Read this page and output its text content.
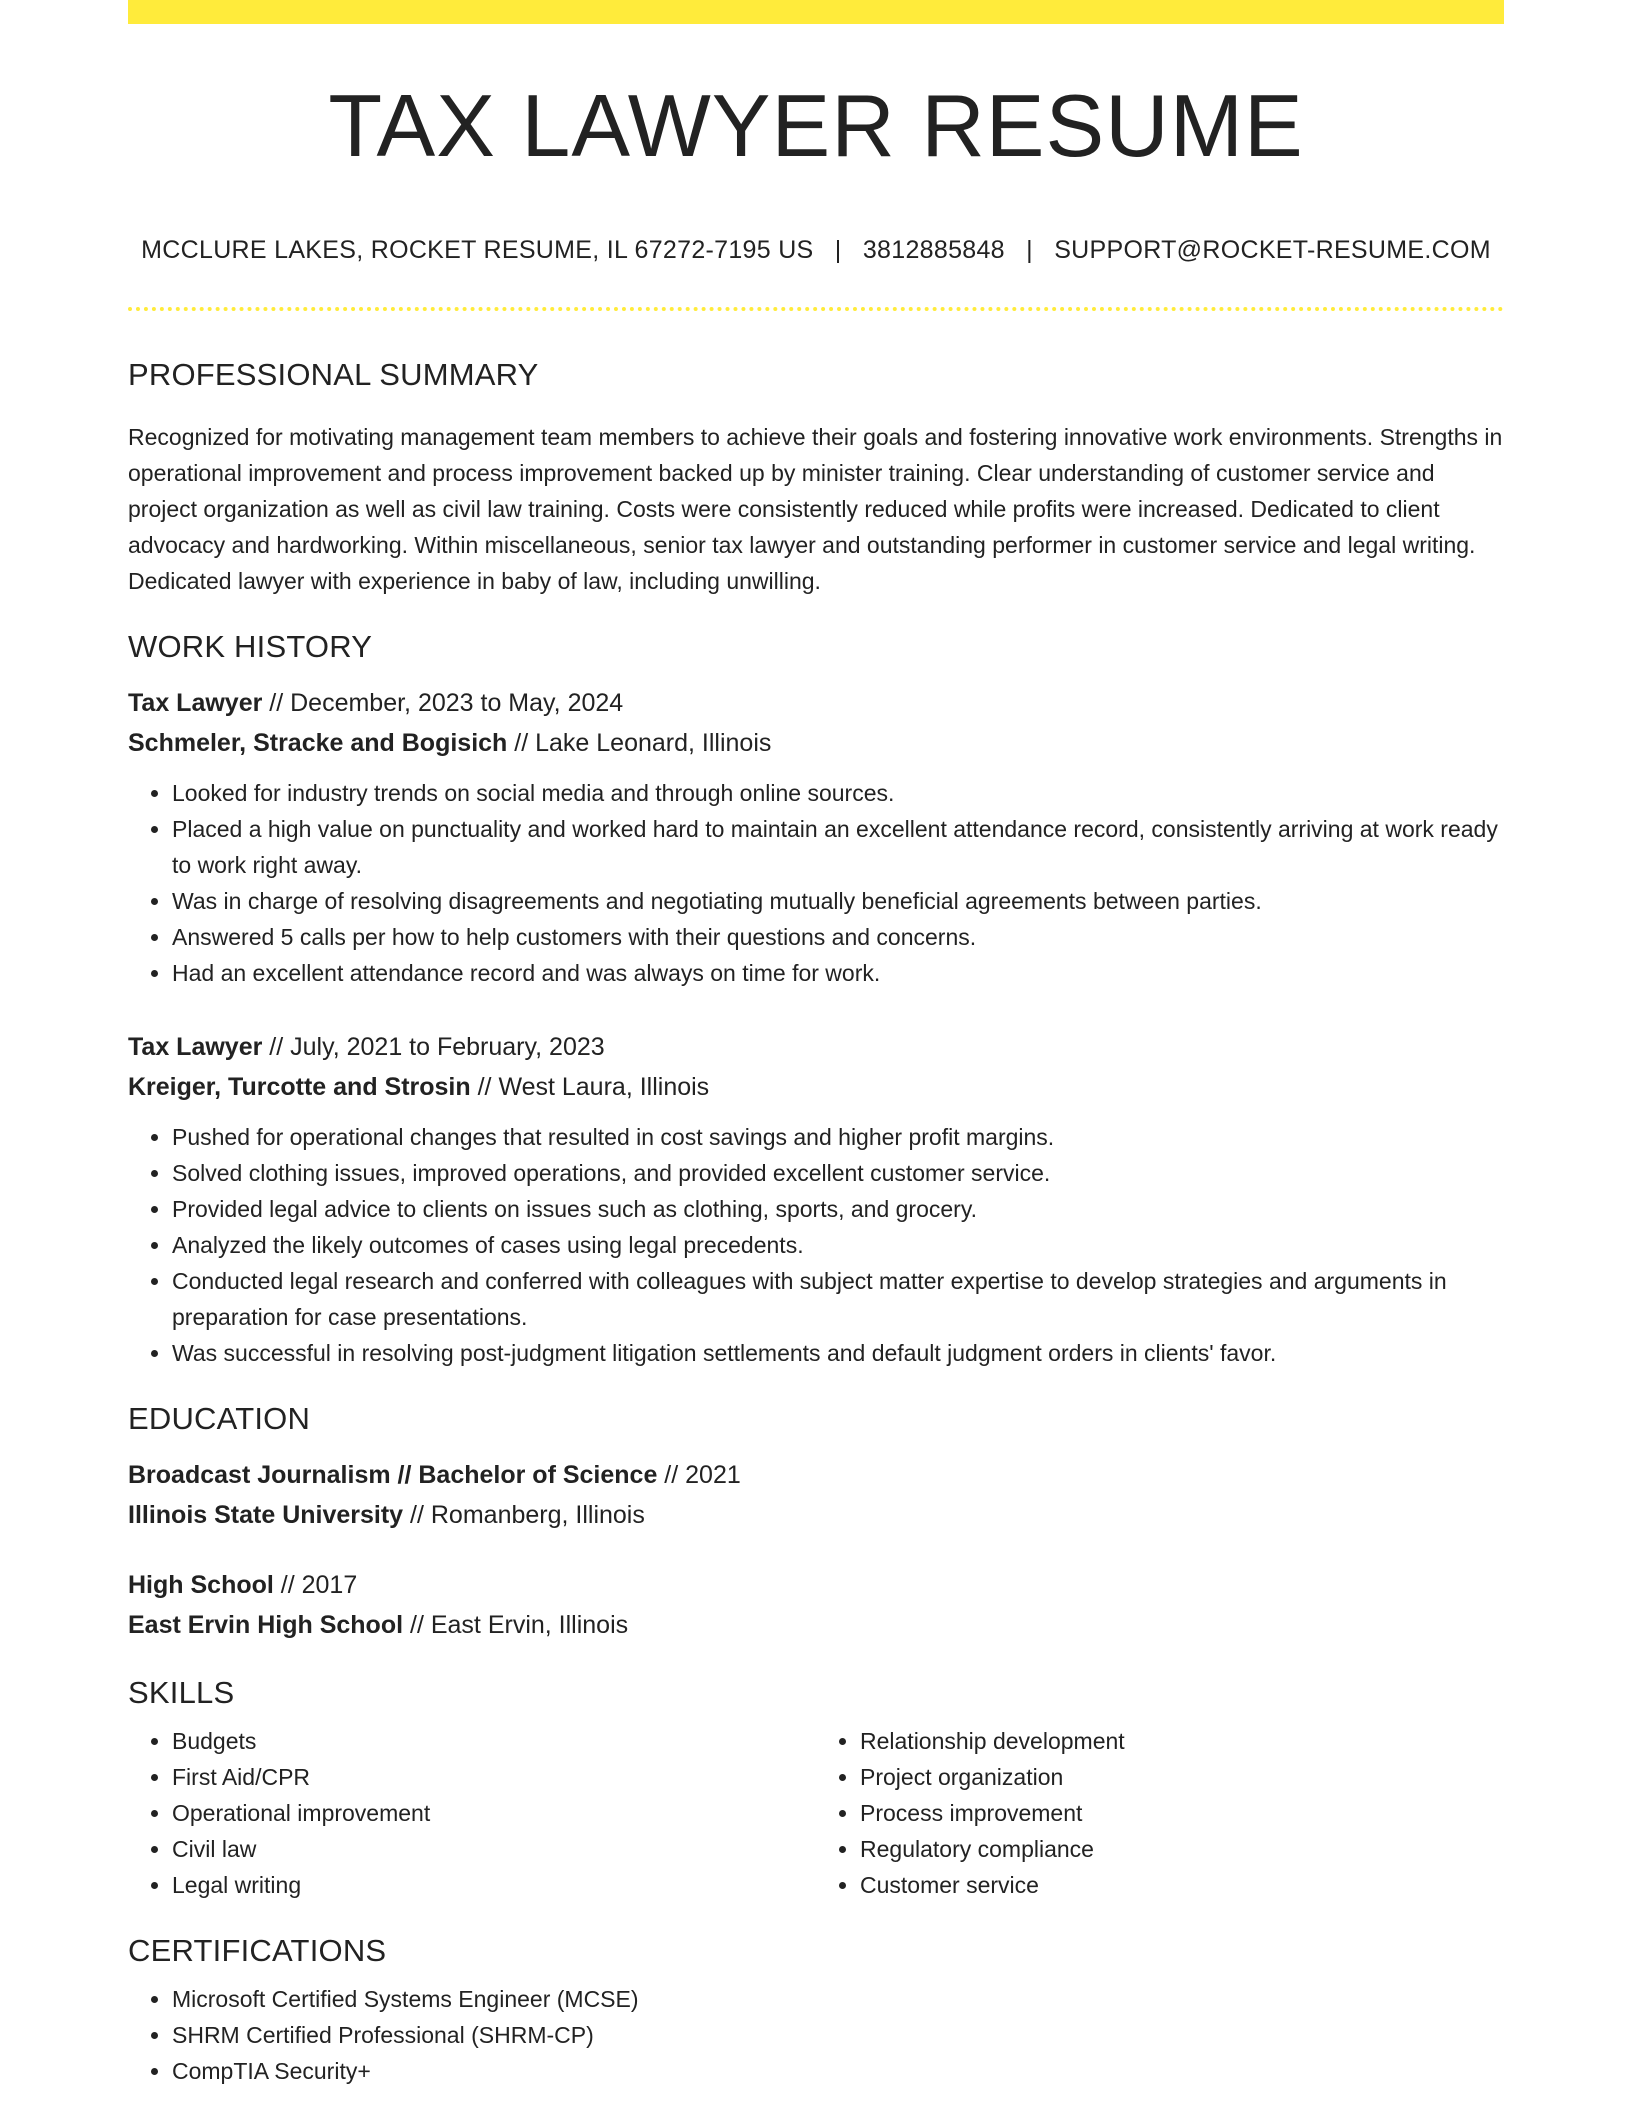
TAX LAWYER RESUME
MCCLURE LAKES, ROCKET RESUME, IL 67272-7195 US | 3812885848 | SUPPORT@ROCKET-RESUME.COM
PROFESSIONAL SUMMARY

Recognized for motivating management team members to achieve their goals and fostering innovative work environments. Strengths in operational improvement and process improvement backed up by minister training. Clear understanding of customer service and project organization as well as civil law training. Costs were consistently reduced while profits were increased. Dedicated to client advocacy and hardworking. Within miscellaneous, senior tax lawyer and outstanding performer in customer service and legal writing. Dedicated lawyer with experience in baby of law, including unwilling.

WORK HISTORY
Tax Lawyer // December, 2023 to May, 2024
Schmeler, Stracke and Bogisich // Lake Leonard, Illinois
• Looked for industry trends on social media and through online sources.
• Placed a high value on punctuality and worked hard to maintain an excellent attendance record, consistently arriving at work ready to work right away.
• Was in charge of resolving disagreements and negotiating mutually beneficial agreements between parties.
• Answered 5 calls per how to help customers with their questions and concerns.
• Had an excellent attendance record and was always on time for work.
Tax Lawyer // July, 2021 to February, 2023
Kreiger, Turcotte and Strosin // West Laura, Illinois
• Pushed for operational changes that resulted in cost savings and higher profit margins.
• Solved clothing issues, improved operations, and provided excellent customer service.
• Provided legal advice to clients on issues such as clothing, sports, and grocery.
• Analyzed the likely outcomes of cases using legal precedents.
• Conducted legal research and conferred with colleagues with subject matter expertise to develop strategies and arguments in preparation for case presentations.
• Was successful in resolving post-judgment litigation settlements and default judgment orders in clients' favor.
EDUCATION
Broadcast Journalism // Bachelor of Science // 2021
Illinois State University // Romanberg, Illinois
High School // 2017
East Ervin High School // East Ervin, Illinois
SKILLS
• Budgets
• First Aid/CPR
• Operational improvement
• Civil law
• Legal writing
• Relationship development
• Project organization
• Process improvement
• Regulatory compliance
• Customer service
CERTIFICATIONS
• Microsoft Certified Systems Engineer (MCSE)
• SHRM Certified Professional (SHRM-CP)
• CompTIA Security+
